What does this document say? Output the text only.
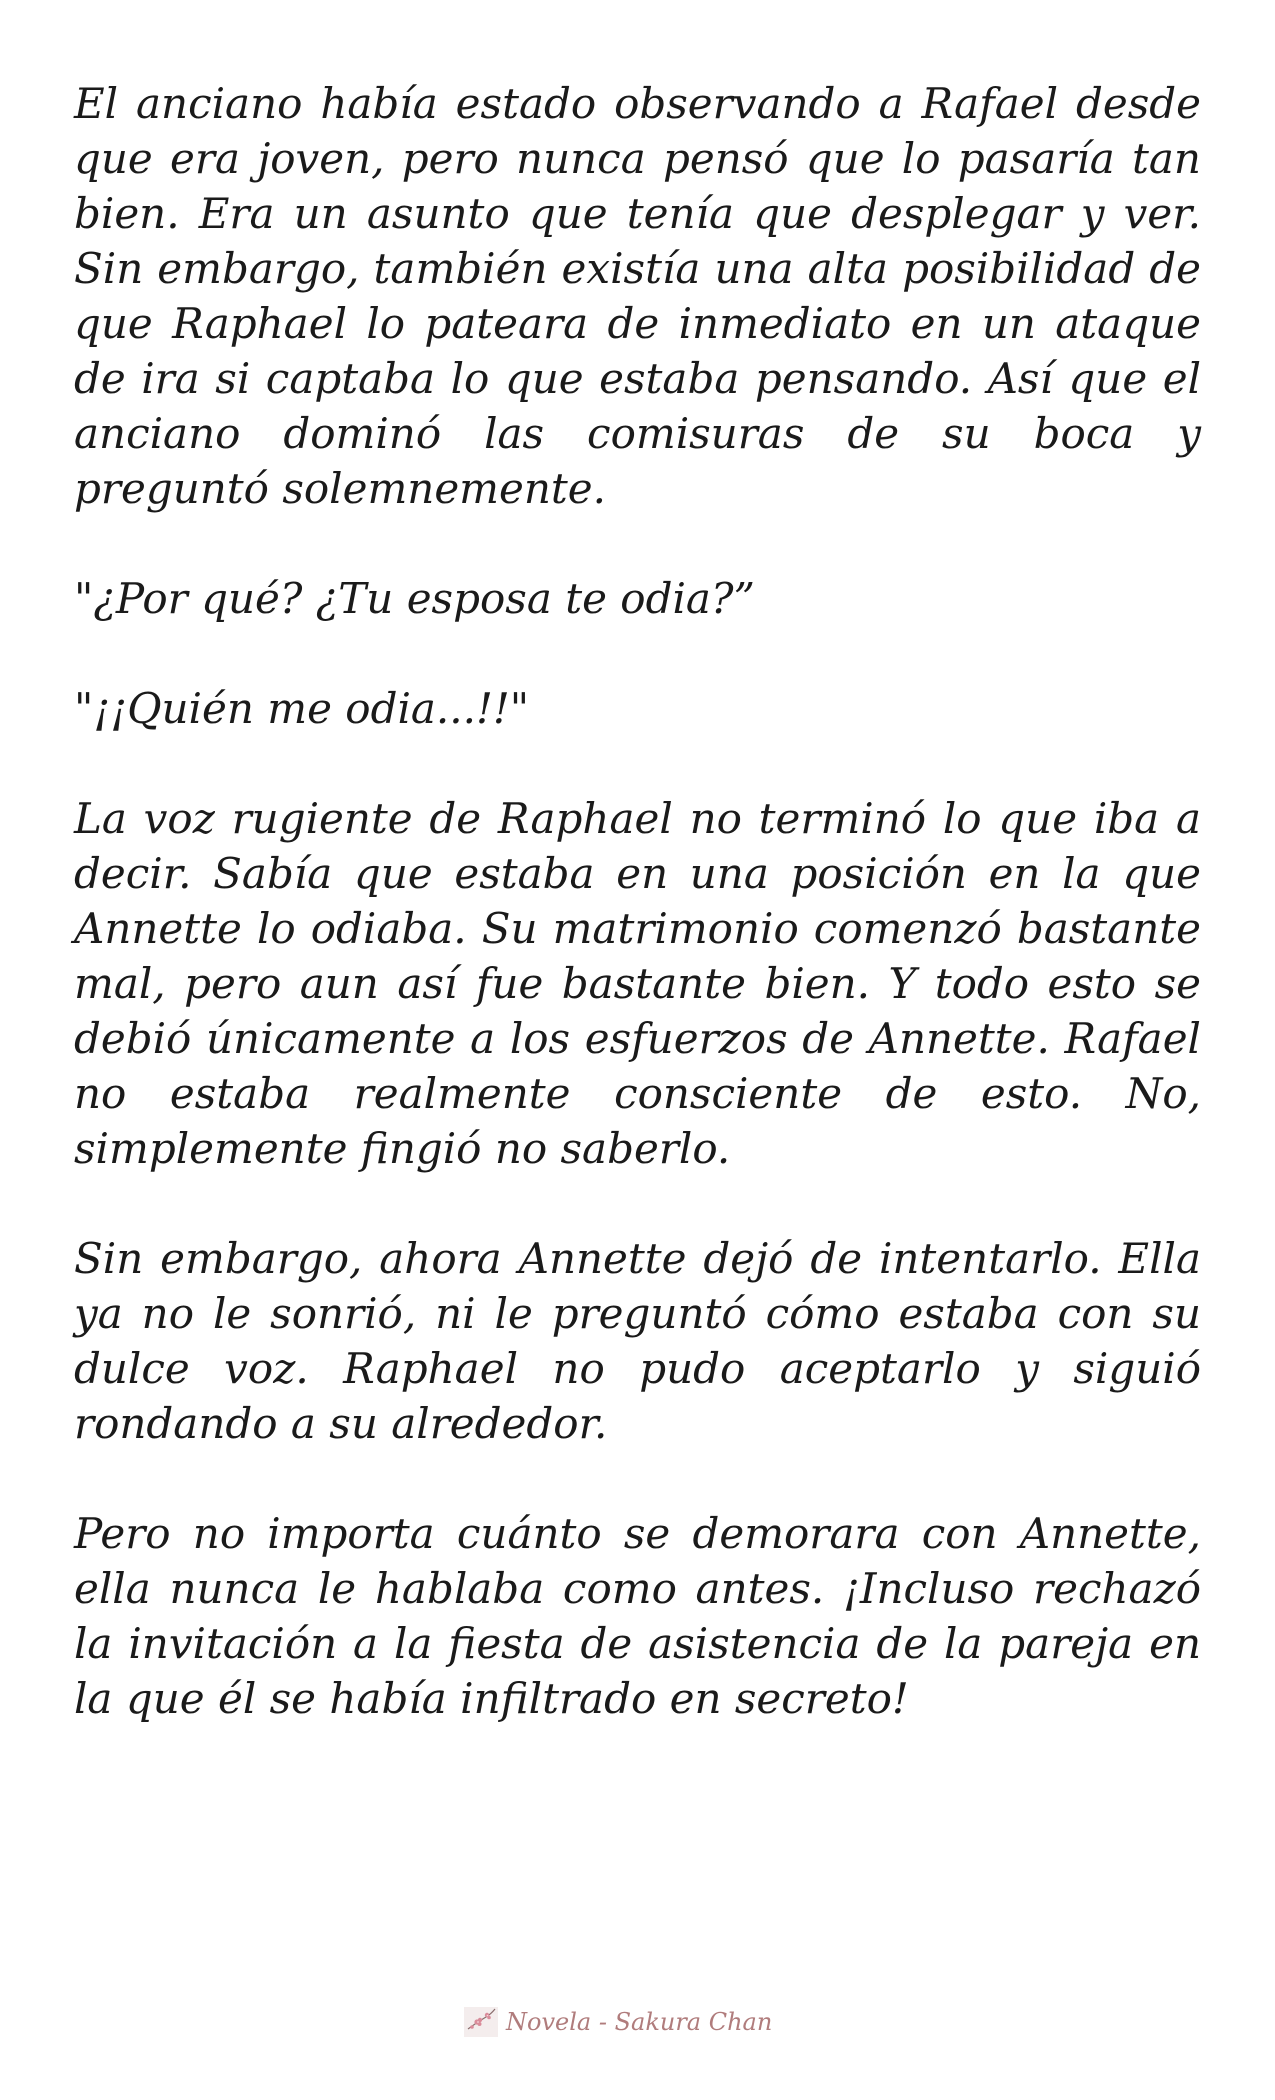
El anciano había estado observando a Rafael desde que era joven, pero nunca pensó que lo pasaría tan bien. Era un asunto que tenía que desplegar y ver. Sin embargo, también existía una alta posibilidad de que Raphael lo pateara de inmediato en un ataque de ira si captaba lo que estaba pensando. Así que el anciano dominó las comisuras de su boca y preguntó solemnemente.

"¿Por qué? ¿Tu esposa te odia?”

"¡¡Quién me odia...!!"

La voz rugiente de Raphael no terminó lo que iba a decir. Sabía que estaba en una posición en la que Annette lo odiaba. Su matrimonio comenzó bastante mal, pero aun así fue bastante bien. Y todo esto se debió únicamente a los esfuerzos de Annette. Rafael no estaba realmente consciente de esto. No, simplemente fingió no saberlo.

Sin embargo, ahora Annette dejó de intentarlo. Ella ya no le sonrió, ni le preguntó cómo estaba con su dulce voz. Raphael no pudo aceptarlo y siguió rondando a su alrededor.

Pero no importa cuánto se demorara con Annette, ella nunca le hablaba como antes. ¡Incluso rechazó la invitación a la fiesta de asistencia de la pareja en la que él se había infiltrado en secreto!

Novela - Sakura Chan
